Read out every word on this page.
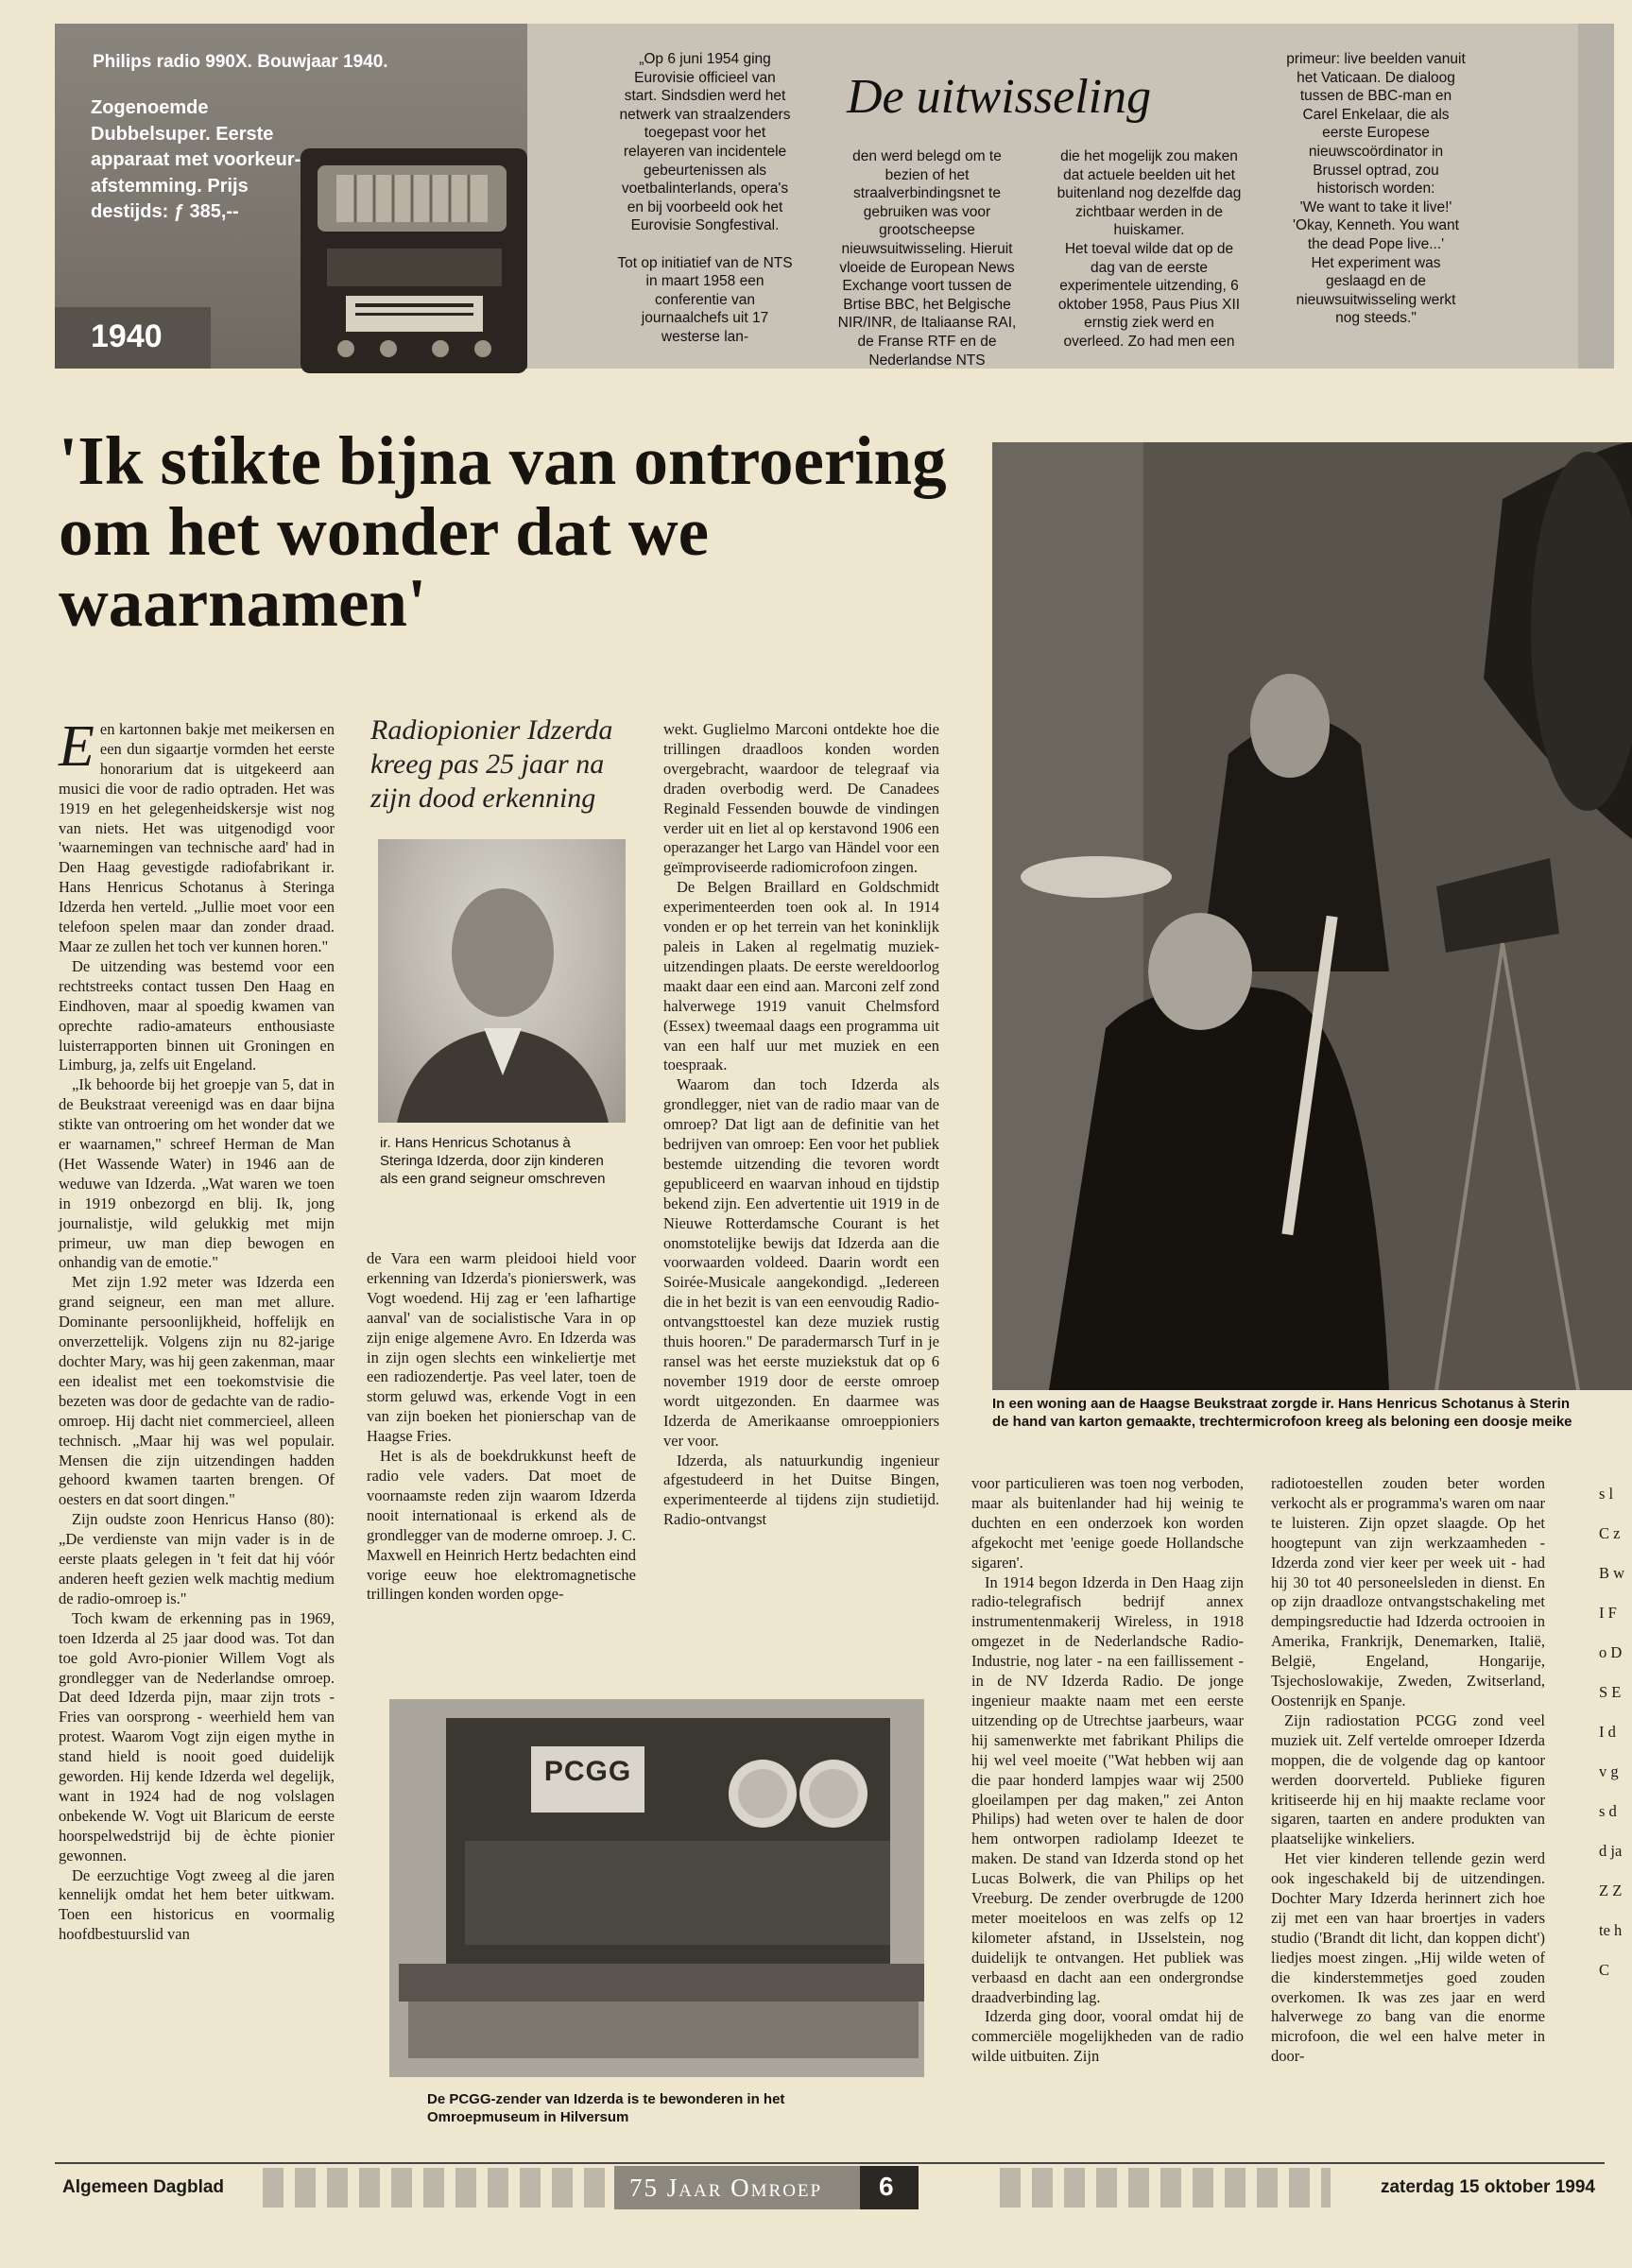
Philips radio 990X. Bouwjaar 1940.
Zogenoemde Dubbelsuper. Eerste apparaat met voorkeur-afstemming. Prijs destijds: ƒ 385,--
1940
„Op 6 juni 1954 ging Eurovisie officieel van start. Sindsdien werd het netwerk van straalzenders toegepast voor het relayeren van incidentele gebeurtenissen als voetbalinterlands, opera's en bij voorbeeld ook het Eurovisie Songfestival.

Tot op initiatief van de NTS in maart 1958 een conferentie van journaalchefs uit 17 westerse lan-
De uitwisseling
den werd belegd om te bezien of het straalverbindingsnet te gebruiken was voor grootscheepse nieuwsuitwisseling. Hieruit vloeide de European News Exchange voort tussen de Brtise BBC, het Belgische NIR/INR, de Italiaanse RAI, de Franse RTF en de Nederlandse NTS
die het mogelijk zou maken dat actuele beelden uit het buitenland nog dezelfde dag zichtbaar werden in de huiskamer.
Het toeval wilde dat op de dag van de eerste experimentele uitzending, 6 oktober 1958, Paus Pius XII ernstig ziek werd en overleed. Zo had men een
primeur: live beelden vanuit het Vaticaan. De dialoog tussen de BBC-man en Carel Enkelaar, die als eerste Europese nieuwscoördinator in Brussel optrad, zou historisch worden:
'We want to take it live!'
'Okay, Kenneth. You want the dead Pope live...'
Het experiment was geslaagd en de nieuwsuitwisseling werkt nog steeds."
'Ik stikte bijna van ontroering om het wonder dat we waarnamen'

Een kartonnen bakje met meikersen en een dun sigaartje vormden het eerste honorarium dat is uitgekeerd aan musici die voor de radio optraden. Het was 1919 en het gelegenheidskersje wist nog van niets. Het was uitgenodigd voor 'waarnemingen van technische aard' had in Den Haag gevestigde radiofabrikant ir. Hans Henricus Schotanus à Steringa Idzerda hen verteld. „Jullie moet voor een telefoon spelen maar dan zonder draad. Maar ze zullen het toch ver kunnen horen."

De uitzending was bestemd voor een rechtstreeks contact tussen Den Haag en Eindhoven, maar al spoedig kwamen van oprechte radio-amateurs enthousiaste luisterrapporten binnen uit Groningen en Limburg, ja, zelfs uit Engeland.

„Ik behoorde bij het groepje van 5, dat in de Beukstraat vereenigd was en daar bijna stikte van ontroering om het wonder dat we er waarnamen," schreef Herman de Man (Het Wassende Water) in 1946 aan de weduwe van Idzerda. „Wat waren we toen in 1919 onbezorgd en blij. Ik, jong journalistje, wild gelukkig met mijn primeur, uw man diep bewogen en onhandig van de emotie."

Met zijn 1.92 meter was Idzerda een grand seigneur, een man met allure. Dominante persoonlijkheid, hoffelijk en onverzettelijk. Volgens zijn nu 82-jarige dochter Mary, was hij geen zakenman, maar een idealist met een toekomstvisie die bezeten was door de gedachte van de radio-omroep. Hij dacht niet commercieel, alleen technisch. „Maar hij was wel populair. Mensen die zijn uitzendingen hadden gehoord kwamen taarten brengen. Of oesters en dat soort dingen."

Zijn oudste zoon Henricus Hanso (80): „De verdienste van mijn vader is in de eerste plaats gelegen in 't feit dat hij vóór anderen heeft gezien welk machtig medium de radio-omroep is."

Toch kwam de erkenning pas in 1969, toen Idzerda al 25 jaar dood was. Tot dan toe gold Avro-pionier Willem Vogt als grondlegger van de Nederlandse omroep. Dat deed Idzerda pijn, maar zijn trots - Fries van oorsprong - weerhield hem van protest. Waarom Vogt zijn eigen mythe in stand hield is nooit goed duidelijk geworden. Hij kende Idzerda wel degelijk, want in 1924 had de nog volslagen onbekende W. Vogt uit Blaricum de eerste hoorspelwedstrijd bij de èchte pionier gewonnen.

De eerzuchtige Vogt zweeg al die jaren kennelijk omdat het hem beter uitkwam. Toen een historicus en voormalig hoofdbestuurslid van

Radiopionier Idzerda kreeg pas 25 jaar na zijn dood erkenning
ir. Hans Henricus Schotanus à Steringa Idzerda, door zijn kinderen als een grand seigneur omschreven

de Vara een warm pleidooi hield voor erkenning van Idzerda's pionierswerk, was Vogt woedend. Hij zag er 'een lafhartige aanval' van de socialistische Vara in op zijn enige algemene Avro. En Idzerda was in zijn ogen slechts een winkeliertje met een radiozendertje. Pas veel later, toen de storm geluwd was, erkende Vogt in een van zijn boeken het pionierschap van de Haagse Fries.

Het is als de boekdrukkunst heeft de radio vele vaders. Dat moet de voornaamste reden zijn waarom Idzerda nooit internationaal is erkend als de grondlegger van de moderne omroep. J. C. Maxwell en Heinrich Hertz bedachten eind vorige eeuw hoe elektromagnetische trillingen konden worden opge-

wekt. Guglielmo Marconi ontdekte hoe die trillingen draadloos konden worden overgebracht, waardoor de telegraaf via draden overbodig werd. De Canadees Reginald Fessenden bouwde de vindingen verder uit en liet al op kerstavond 1906 een operazanger het Largo van Händel voor een geïmproviseerde radiomicrofoon zingen.

De Belgen Braillard en Goldschmidt experimenteerden toen ook al. In 1914 vonden er op het terrein van het koninklijk paleis in Laken al regelmatig muziek-uitzendingen plaats. De eerste wereldoorlog maakt daar een eind aan. Marconi zelf zond halverwege 1919 vanuit Chelmsford (Essex) tweemaal daags een programma uit van een half uur met muziek en een toespraak.

Waarom dan toch Idzerda als grondlegger, niet van de radio maar van de omroep? Dat ligt aan de definitie van het bedrijven van omroep: Een voor het publiek bestemde uitzending die tevoren wordt gepubliceerd en waarvan inhoud en tijdstip bekend zijn. Een advertentie uit 1919 in de Nieuwe Rotterdamsche Courant is het onomstotelijke bewijs dat Idzerda aan die voorwaarden voldeed. Daarin wordt een Soirée-Musicale aangekondigd. „Iedereen die in het bezit is van een eenvoudig Radio-ontvangsttoestel kan deze muziek rustig thuis hooren." De paradermarsch Turf in je ransel was het eerste muziekstuk dat op 6 november 1919 door de eerste omroep wordt uitgezonden. En daarmee was Idzerda de Amerikaanse omroeppioniers ver voor.

Idzerda, als natuurkundig ingenieur afgestudeerd in het Duitse Bingen, experimenteerde al tijdens zijn studietijd. Radio-ontvangst

In een woning aan de Haagse Beukstraat zorgde ir. Hans Henricus Schotanus à Sterin
de hand van karton gemaakte, trechtermicrofoon kreeg als beloning een doosje meike
PCGG
De PCGG-zender van Idzerda is te bewonderen in het Omroepmuseum in Hilversum

voor particulieren was toen nog verboden, maar als buitenlander had hij weinig te duchten en een onderzoek kon worden afgekocht met 'eenige goede Hollandsche sigaren'.

In 1914 begon Idzerda in Den Haag zijn radio-telegrafisch bedrijf annex instrumentenmakerij Wireless, in 1918 omgezet in de Nederlandsche Radio-Industrie, nog later - na een faillissement - in de NV Idzerda Radio. De jonge ingenieur maakte naam met een eerste uitzending op de Utrechtse jaarbeurs, waar hij samenwerkte met fabrikant Philips die hij wel veel moeite ("Wat hebben wij aan die paar honderd lampjes waar wij 2500 gloeilampen per dag maken," zei Anton Philips) had weten over te halen de door hem ontworpen radiolamp Ideezet te maken. De stand van Idzerda stond op het Lucas Bolwerk, die van Philips op het Vreeburg. De zender overbrugde de 1200 meter moeiteloos en was zelfs op 12 kilometer afstand, in IJsselstein, nog duidelijk te ontvangen. Het publiek was verbaasd en dacht aan een ondergrondse draadverbinding lag.

Idzerda ging door, vooral omdat hij de commerciële mogelijkheden van de radio wilde uitbuiten. Zijn

radiotoestellen zouden beter worden verkocht als er programma's waren om naar te luisteren. Zijn opzet slaagde. Op het hoogtepunt van zijn werkzaamheden - Idzerda zond vier keer per week uit - had hij 30 tot 40 personeelsleden in dienst. En op zijn draadloze ontvangstschakeling met dempingsreductie had Idzerda octrooien in Amerika, Frankrijk, Denemarken, Italië, België, Engeland, Hongarije, Tsjechoslowakije, Zweden, Zwitserland, Oostenrijk en Spanje.

Zijn radiostation PCGG zond veel muziek uit. Zelf vertelde omroeper Idzerda moppen, die de volgende dag op kantoor werden doorverteld. Publieke figuren kritiseerde hij en hij maakte reclame voor sigaren, taarten en andere produkten van plaatselijke winkeliers.

Het vier kinderen tellende gezin werd ook ingeschakeld bij de uitzendingen. Dochter Mary Idzerda herinnert zich hoe zij met een van haar broertjes in vaders studio ('Brandt dit licht, dan koppen dicht') liedjes moest zingen. „Hij wilde weten of die kinderstemmetjes goed zouden overkomen. Ik was zes jaar en werd halverwege zo bang van die enorme microfoon, die wel een halve meter in door-

s l C z B w I F o D S E I d v g s d d ja Z Z te h C
Algemeen Dagblad	75 Jaar Omroep 6	zaterdag 15 oktober 1994
